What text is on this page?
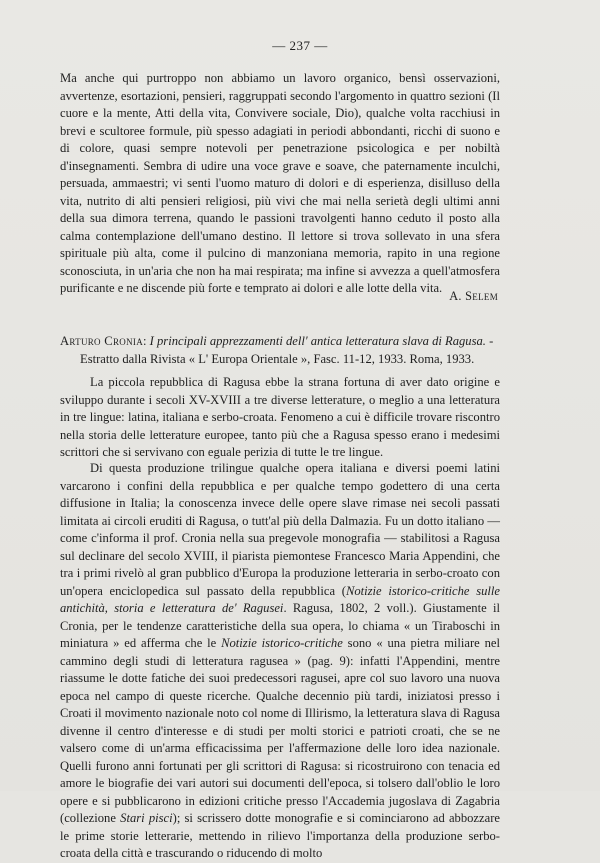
— 237 —
Ma anche qui purtroppo non abbiamo un lavoro organico, bensì osservazioni, avvertenze, esortazioni, pensieri, raggruppati secondo l'argomento in quattro sezioni (Il cuore e la mente, Atti della vita, Convivere sociale, Dio), qualche volta racchiusi in brevi e scultoree formule, più spesso adagiati in periodi abbondanti, ricchi di suono e di colore, quasi sempre notevoli per penetrazione psicologica e per nobiltà d'insegnamenti. Sembra di udire una voce grave e soave, che paternamente inculchi, persuada, ammaestri; vi senti l'uomo maturo di dolori e di esperienza, disilluso della vita, nutrito di alti pensieri religiosi, più vivi che mai nella serietà degli ultimi anni della sua dimora terrena, quando le passioni travolgenti hanno ceduto il posto alla calma contemplazione dell'umano destino. Il lettore si trova sollevato in una sfera spirituale più alta, come il pulcino di manzoniana memoria, rapito in una regione sconosciuta, in un'aria che non ha mai respirata; ma infine si avvezza a quell'atmosfera purificante e ne discende più forte e temprato ai dolori e alle lotte della vita.
A. Selem
Arturo Cronia: I principali apprezzamenti dell' antica letteratura slava di Ragusa. -
Estratto dalla Rivista « L' Europa Orientale », Fasc. 11-12, 1933. Roma, 1933.
La piccola repubblica di Ragusa ebbe la strana fortuna di aver dato origine e sviluppo durante i secoli XV-XVIII a tre diverse letterature, o meglio a una letteratura in tre lingue: latina, italiana e serbo-croata. Fenomeno a cui è difficile trovare riscontro nella storia delle letterature europee, tanto più che a Ragusa spesso erano i medesimi scrittori che si servivano con eguale perizia di tutte le tre lingue.
Di questa produzione trilingue qualche opera italiana e diversi poemi latini varcarono i confini della repubblica e per qualche tempo godettero di una certa diffusione in Italia; la conoscenza invece delle opere slave rimase nei secoli passati limitata ai circoli eruditi di Ragusa, o tutt'al più della Dalmazia. Fu un dotto italiano — come c'informa il prof. Cronia nella sua pregevole monografia — stabilitosi a Ragusa sul declinare del secolo XVIII, il piarista piemontese Francesco Maria Appendini, che tra i primi rivelò al gran pubblico d'Europa la produzione letteraria in serbo-croato con un'opera enciclopedica sul passato della repubblica (Notizie istorico-critiche sulle antichità, storia e letteratura de' Ragusei. Ragusa, 1802, 2 voll.). Giustamente il Cronia, per le tendenze caratteristiche della sua opera, lo chiama « un Tiraboschi in miniatura » ed afferma che le Notizie istorico-critiche sono « una pietra miliare nel cammino degli studi di letteratura ragusea » (pag. 9): infatti l'Appendini, mentre riassume le dotte fatiche dei suoi predecessori ragusei, apre col suo lavoro una nuova epoca nel campo di queste ricerche. Qualche decennio più tardi, iniziatosi presso i Croati il movimento nazionale noto col nome di Illirismo, la letteratura slava di Ragusa divenne il centro d'interesse e di studi per molti storici e patrioti croati, che se ne valsero come di un'arma efficacissima per l'affermazione delle loro idea nazionale. Quelli furono anni fortunati per gli scrittori di Ragusa: si ricostruirono con tenacia ed amore le biografie dei vari autori sui documenti dell'epoca, si tolsero dall'oblio le loro opere e si pubblicarono in edizioni critiche presso l'Accademia jugoslava di Zagabria (collezione Stari pisci); si scrissero dotte monografie e si cominciarono ad abbozzare le prime storie letterarie, mettendo in rilievo l'importanza della produzione serbo-croata della città e trascurando o riducendo di molto
